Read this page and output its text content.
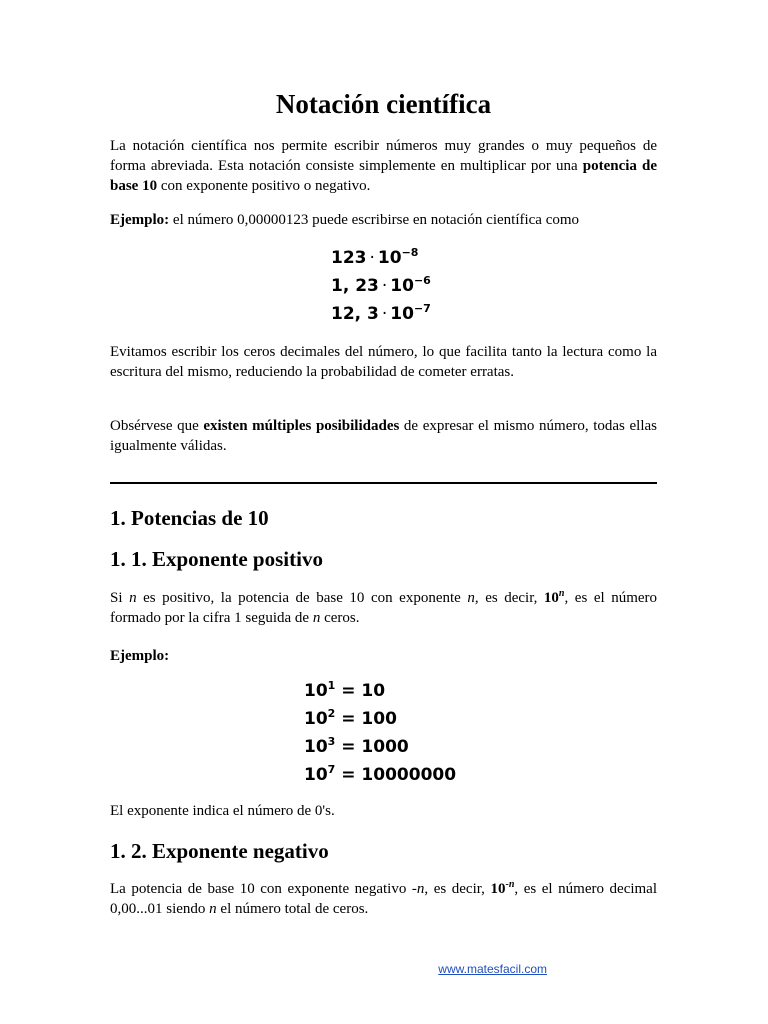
Notación científica

La notación científica nos permite escribir números muy grandes o muy pequeños de forma abreviada. Esta notación consiste simplemente en multiplicar por una potencia de base 10 con exponente positivo o negativo.

Ejemplo: el número 0,00000123 puede escribirse en notación científica como

$123 \cdot 10^{-8}$
1, $23 \cdot 10^{-6}$
12, $3 \cdot 10^{-7}$

Evitamos escribir los ceros decimales del número, lo que facilita tanto la lectura como la escritura del mismo, reduciendo la probabilidad de cometer erratas.

Obsérvese que existen múltiples posibilidades de expresar el mismo número, todas ellas igualmente válidas.

1. Potencias de 10
1. 1. Exponente positivo

Si n es positivo, la potencia de base 10 con exponente n, es decir, 10$^n$, es el número formado por la cifra 1 seguida de n ceros.

Ejemplo:

$10^1 = 10$
$10^2 = 100$
$10^3 = 1000$
$10^7 = 10000000$

El exponente indica el número de 0's.

1. 2. Exponente negativo

La potencia de base 10 con exponente negativo -n, es decir, $10^{-n}$, es el número decimal 0,00...01 siendo n el número total de ceros.

www.matesfacil.com
